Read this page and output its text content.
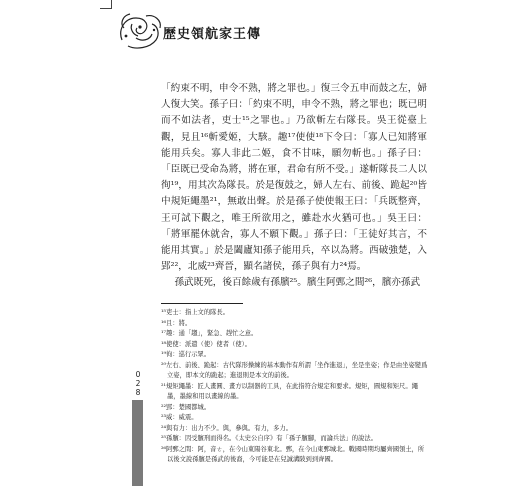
歷史領航家王傳

「約束不明，申令不熟，將之罪也。」復三令五申而鼓之左，婦人復大笑。孫子曰：「約束不明，申令不熟，將之罪也；既已明而不如法者，吏士¹⁵之罪也。」乃欲斬左右隊長。吳王從臺上觀，見且¹⁶斬愛姬，大駭。趣¹⁷使使¹⁸下令曰：「寡人已知將軍能用兵矣。寡人非此二姬，食不甘味，願勿斬也。」孫子曰：「臣既已受命為將，將在軍，君命有所不受。」遂斬隊長二人以徇¹⁹，用其次為隊長。於是復鼓之，婦人左右、前後、跪起²⁰皆中規矩繩墨²¹，無敢出聲。於是孫子使使報王曰：「兵既整齊，王可試下觀之，唯王所欲用之，雖赴水火猶可也。」吳王曰：「將軍罷休就舍，寡人不願下觀。」孫子曰：「王徒好其言，不能用其實。」於是闔廬知孫子能用兵，卒以為將。西破強楚，入郢²²，北威²³齊晉，顯名諸侯，孫子與有力²⁴焉。

孫武既死，後百餘歲有孫臏²⁵。臏生阿鄄之間²⁶，臏亦孫武

¹⁵吏士：指上文的隊長。

¹⁶且：將。

¹⁷趣：通「趨」，緊急、趕忙之意。

¹⁸使使：派遣（使）使者（使）。

¹⁹徇：巡行示眾。

²⁰左右、前後、跪起：古代隊形操練的基本動作有所謂「坐作進退」，坐是坐姿；作是由坐姿變爲立姿，即本文的跪起；進退則是本文的前後。

²¹規矩繩墨：匠人畫圓、畫方以制器的工具，在此指符合規定和要求。規矩，圓規和矩尺。繩墨，墨線和用以畫線的墨。

²²郢：楚國都城。

²³威：威震。

²⁴與有力：出力不少。與，參與。有力，多力。

²⁵孫臏：因受臏刑而得名。《太史公自序》有「孫子臏腳，而論兵法」的說法。

²⁶阿鄄之間：阿，音ㄜ，在今山東陽谷東北。鄄，在今山東鄄城北。戰國時期均屬齊國領土，所以後文說孫臏是孫武的後裔，今可能是在兒誠溝陂到到齊國。

0
2
8
